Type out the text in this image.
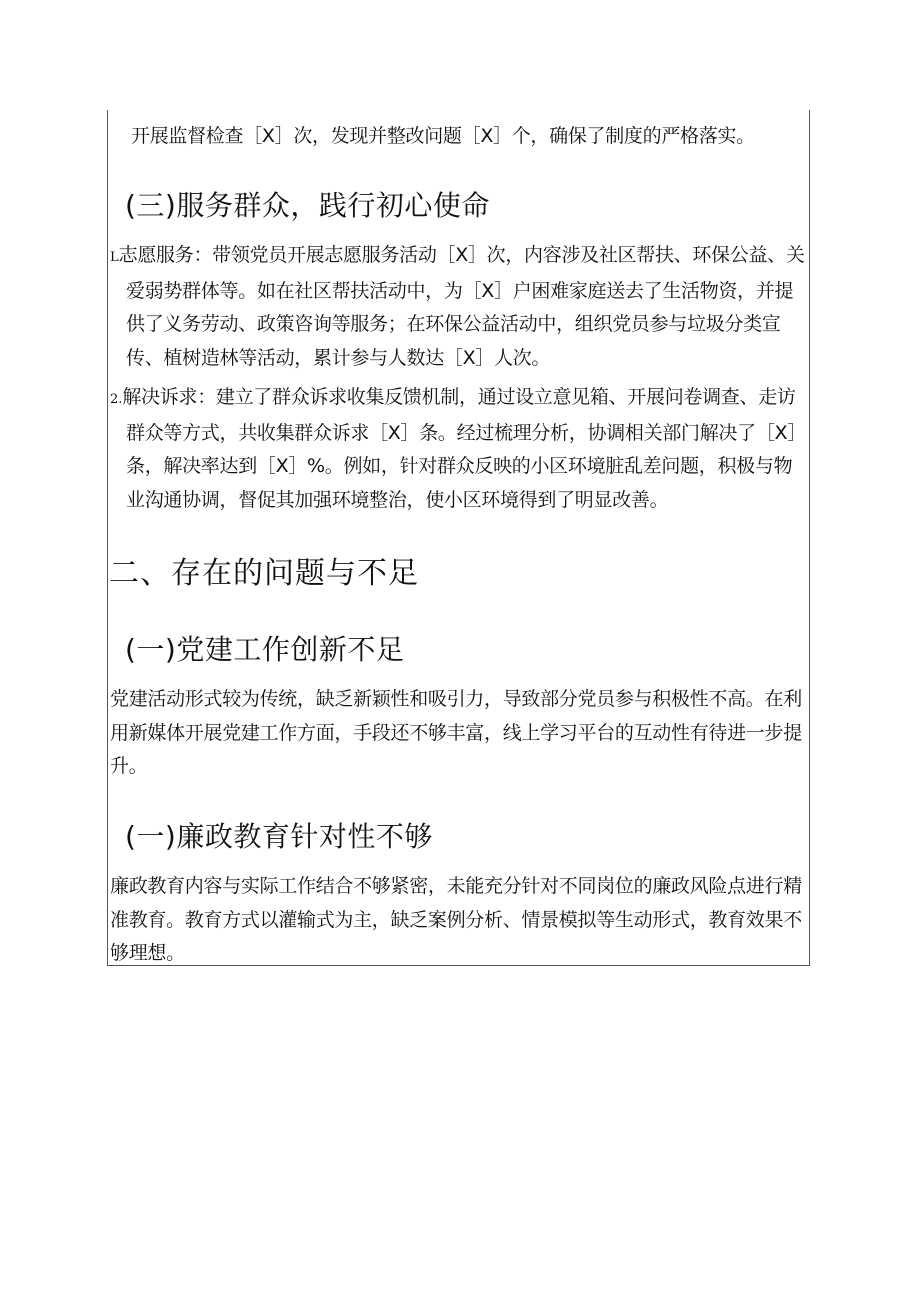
开展监督检查［X］次，发现并整改问题［X］个，确保了制度的严格落实。

(三)服务群众，践行初心使命

L志愿服务：带领党员开展志愿服务活动［X］次，内容涉及社区帮扶、环保公益、关爱弱势群体等。如在社区帮扶活动中，为［X］户困难家庭送去了生活物资，并提供了义务劳动、政策咨询等服务；在环保公益活动中，组织党员参与垃圾分类宣传、植树造林等活动，累计参与人数达［X］人次。

2.解决诉求：建立了群众诉求收集反馈机制，通过设立意见箱、开展问卷调查、走访群众等方式，共收集群众诉求［X］条。经过梳理分析，协调相关部门解决了［X］条，解决率达到［X］%。例如，针对群众反映的小区环境脏乱差问题，积极与物业沟通协调，督促其加强环境整治，使小区环境得到了明显改善。

二、存在的问题与不足
(一)党建工作创新不足

党建活动形式较为传统，缺乏新颖性和吸引力，导致部分党员参与积极性不高。在利用新媒体开展党建工作方面，手段还不够丰富，线上学习平台的互动性有待进一步提升。

(一)廉政教育针对性不够

廉政教育内容与实际工作结合不够紧密，未能充分针对不同岗位的廉政风险点进行精准教育。教育方式以灌输式为主，缺乏案例分析、情景模拟等生动形式，教育效果不够理想。
